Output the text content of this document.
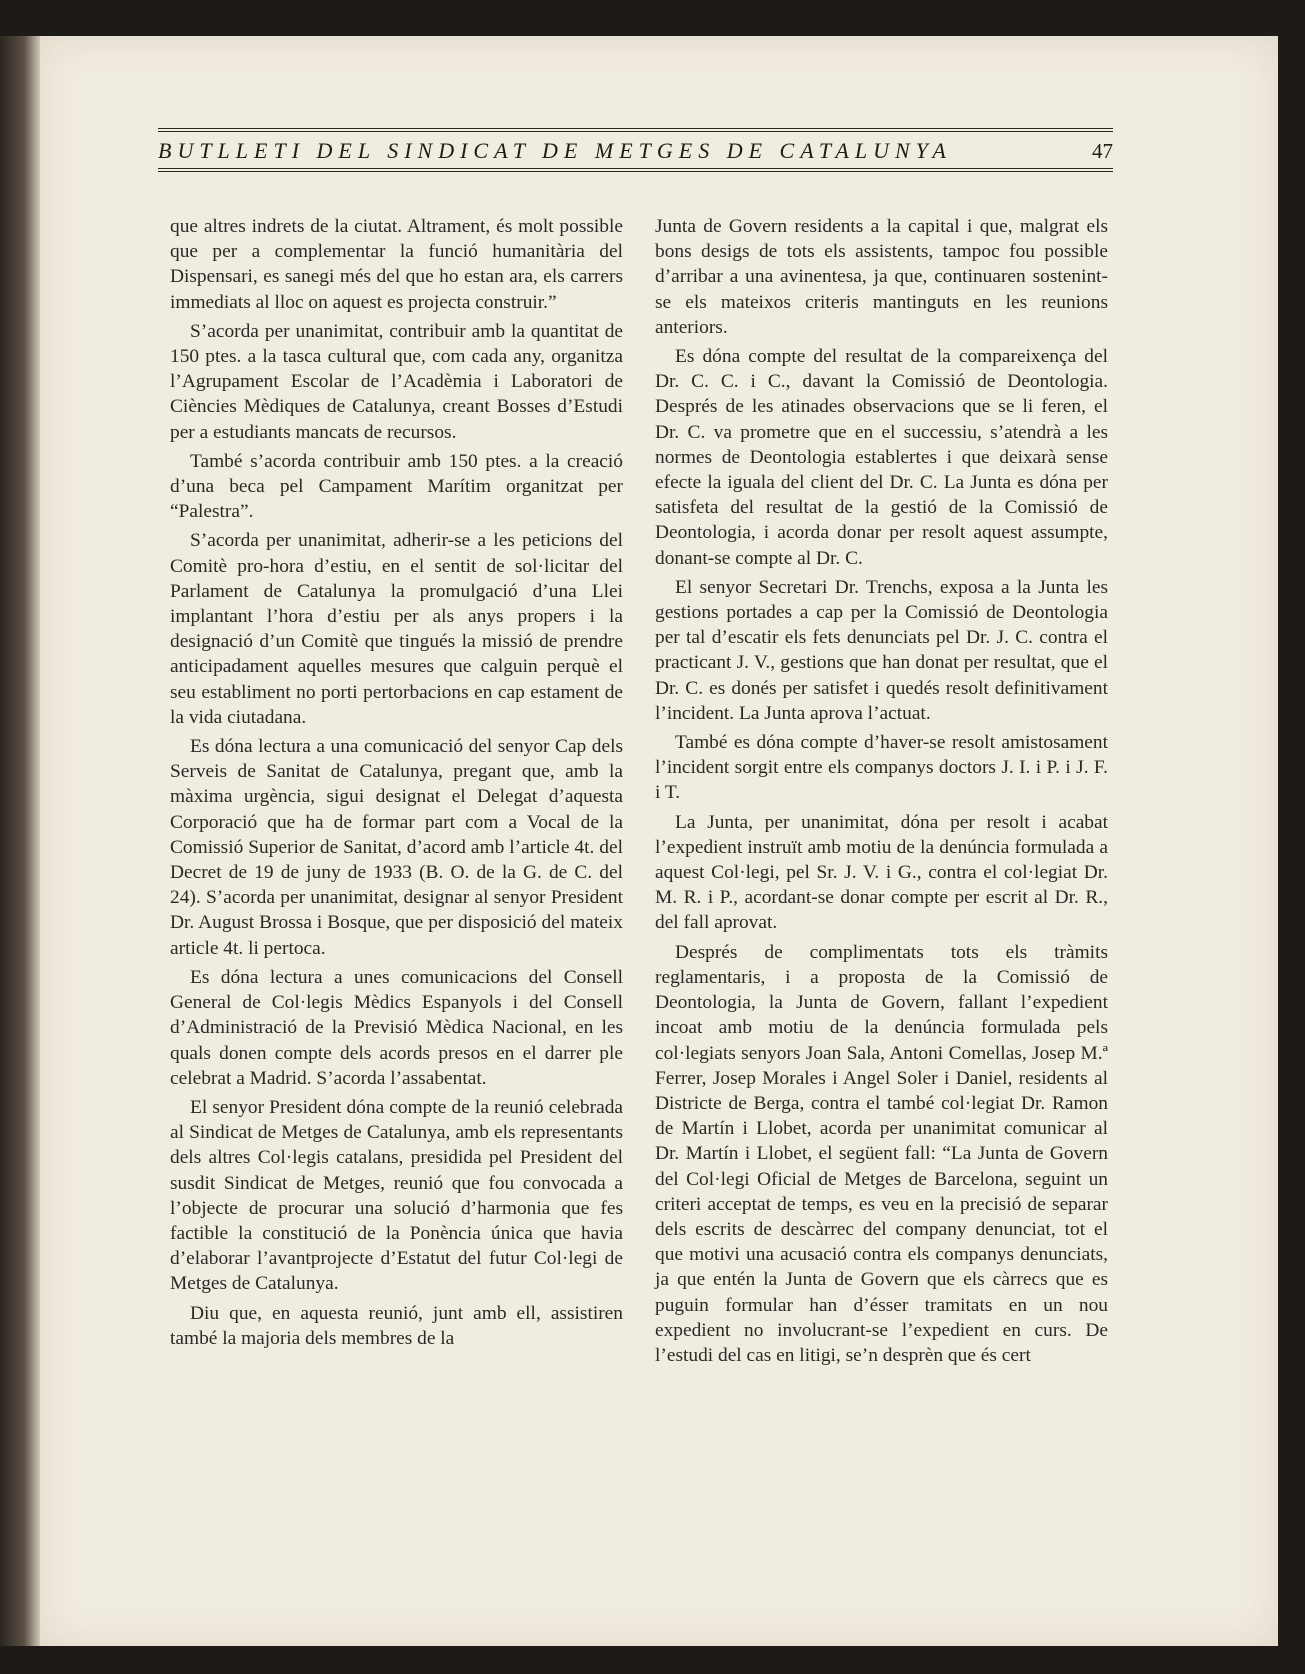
BUTLLETI DEL SINDICAT DE METGES DE CATALUNYA	47

que altres indrets de la ciutat. Altrament, és molt possible que per a complementar la funció humanitària del Dispensari, es sanegi més del que ho estan ara, els carrers immediats al lloc on aquest es projecta construir.”

S’acorda per unanimitat, contribuir amb la quantitat de 150 ptes. a la tasca cultural que, com cada any, organitza l’Agrupament Escolar de l’Acadèmia i Laboratori de Ciències Mèdiques de Catalunya, creant Bosses d’Estudi per a estudiants mancats de recursos.

També s’acorda contribuir amb 150 ptes. a la creació d’una beca pel Campament Marítim organitzat per “Palestra”.

S’acorda per unanimitat, adherir-se a les peticions del Comitè pro-hora d’estiu, en el sentit de sol·licitar del Parlament de Catalunya la promulgació d’una Llei implantant l’hora d’estiu per als anys propers i la designació d’un Comitè que tingués la missió de prendre anticipadament aquelles mesures que calguin perquè el seu establiment no porti pertorbacions en cap estament de la vida ciutadana.

Es dóna lectura a una comunicació del senyor Cap dels Serveis de Sanitat de Catalunya, pregant que, amb la màxima urgència, sigui designat el Delegat d’aquesta Corporació que ha de formar part com a Vocal de la Comissió Superior de Sanitat, d’acord amb l’article 4t. del Decret de 19 de juny de 1933 (B. O. de la G. de C. del 24). S’acorda per unanimitat, designar al senyor President Dr. August Brossa i Bosque, que per disposició del mateix article 4t. li pertoca.

Es dóna lectura a unes comunicacions del Consell General de Col·legis Mèdics Espanyols i del Consell d’Administració de la Previsió Mèdica Nacional, en les quals donen compte dels acords presos en el darrer ple celebrat a Madrid. S’acorda l’assabentat.

El senyor President dóna compte de la reunió celebrada al Sindicat de Metges de Catalunya, amb els representants dels altres Col·legis catalans, presidida pel President del susdit Sindicat de Metges, reunió que fou convocada a l’objecte de procurar una solució d’harmonia que fes factible la constitució de la Ponència única que havia d’elaborar l’avantprojecte d’Estatut del futur Col·legi de Metges de Catalunya.

Diu que, en aquesta reunió, junt amb ell, assistiren també la majoria dels membres de la

Junta de Govern residents a la capital i que, malgrat els bons desigs de tots els assistents, tampoc fou possible d’arribar a una avinentesa, ja que, continuaren sostenint-se els mateixos criteris mantinguts en les reunions anteriors.

Es dóna compte del resultat de la compareixença del Dr. C. C. i C., davant la Comissió de Deontologia. Després de les atinades observacions que se li feren, el Dr. C. va prometre que en el successiu, s’atendrà a les normes de Deontologia establertes i que deixarà sense efecte la iguala del client del Dr. C. La Junta es dóna per satisfeta del resultat de la gestió de la Comissió de Deontologia, i acorda donar per resolt aquest assumpte, donant-se compte al Dr. C.

El senyor Secretari Dr. Trenchs, exposa a la Junta les gestions portades a cap per la Comissió de Deontologia per tal d’escatir els fets denunciats pel Dr. J. C. contra el practicant J. V., gestions que han donat per resultat, que el Dr. C. es donés per satisfet i quedés resolt definitivament l’incident. La Junta aprova l’actuat.

També es dóna compte d’haver-se resolt amistosament l’incident sorgit entre els companys doctors J. I. i P. i J. F. i T.

La Junta, per unanimitat, dóna per resolt i acabat l’expedient instruït amb motiu de la denúncia formulada a aquest Col·legi, pel Sr. J. V. i G., contra el col·legiat Dr. M. R. i P., acordant-se donar compte per escrit al Dr. R., del fall aprovat.

Després de complimentats tots els tràmits reglamentaris, i a proposta de la Comissió de Deontologia, la Junta de Govern, fallant l’expedient incoat amb motiu de la denúncia formulada pels col·legiats senyors Joan Sala, Antoni Comellas, Josep M.ª Ferrer, Josep Morales i Angel Soler i Daniel, residents al Districte de Berga, contra el també col·legiat Dr. Ramon de Martín i Llobet, acorda per unanimitat comunicar al Dr. Martín i Llobet, el següent fall: “La Junta de Govern del Col·legi Oficial de Metges de Barcelona, seguint un criteri acceptat de temps, es veu en la precisió de separar dels escrits de descàrrec del company denunciat, tot el que motivi una acusació contra els companys denunciats, ja que entén la Junta de Govern que els càrrecs que es puguin formular han d’ésser tramitats en un nou expedient no involucrant-se l’expedient en curs. De l’estudi del cas en litigi, se’n desprèn que és cert
